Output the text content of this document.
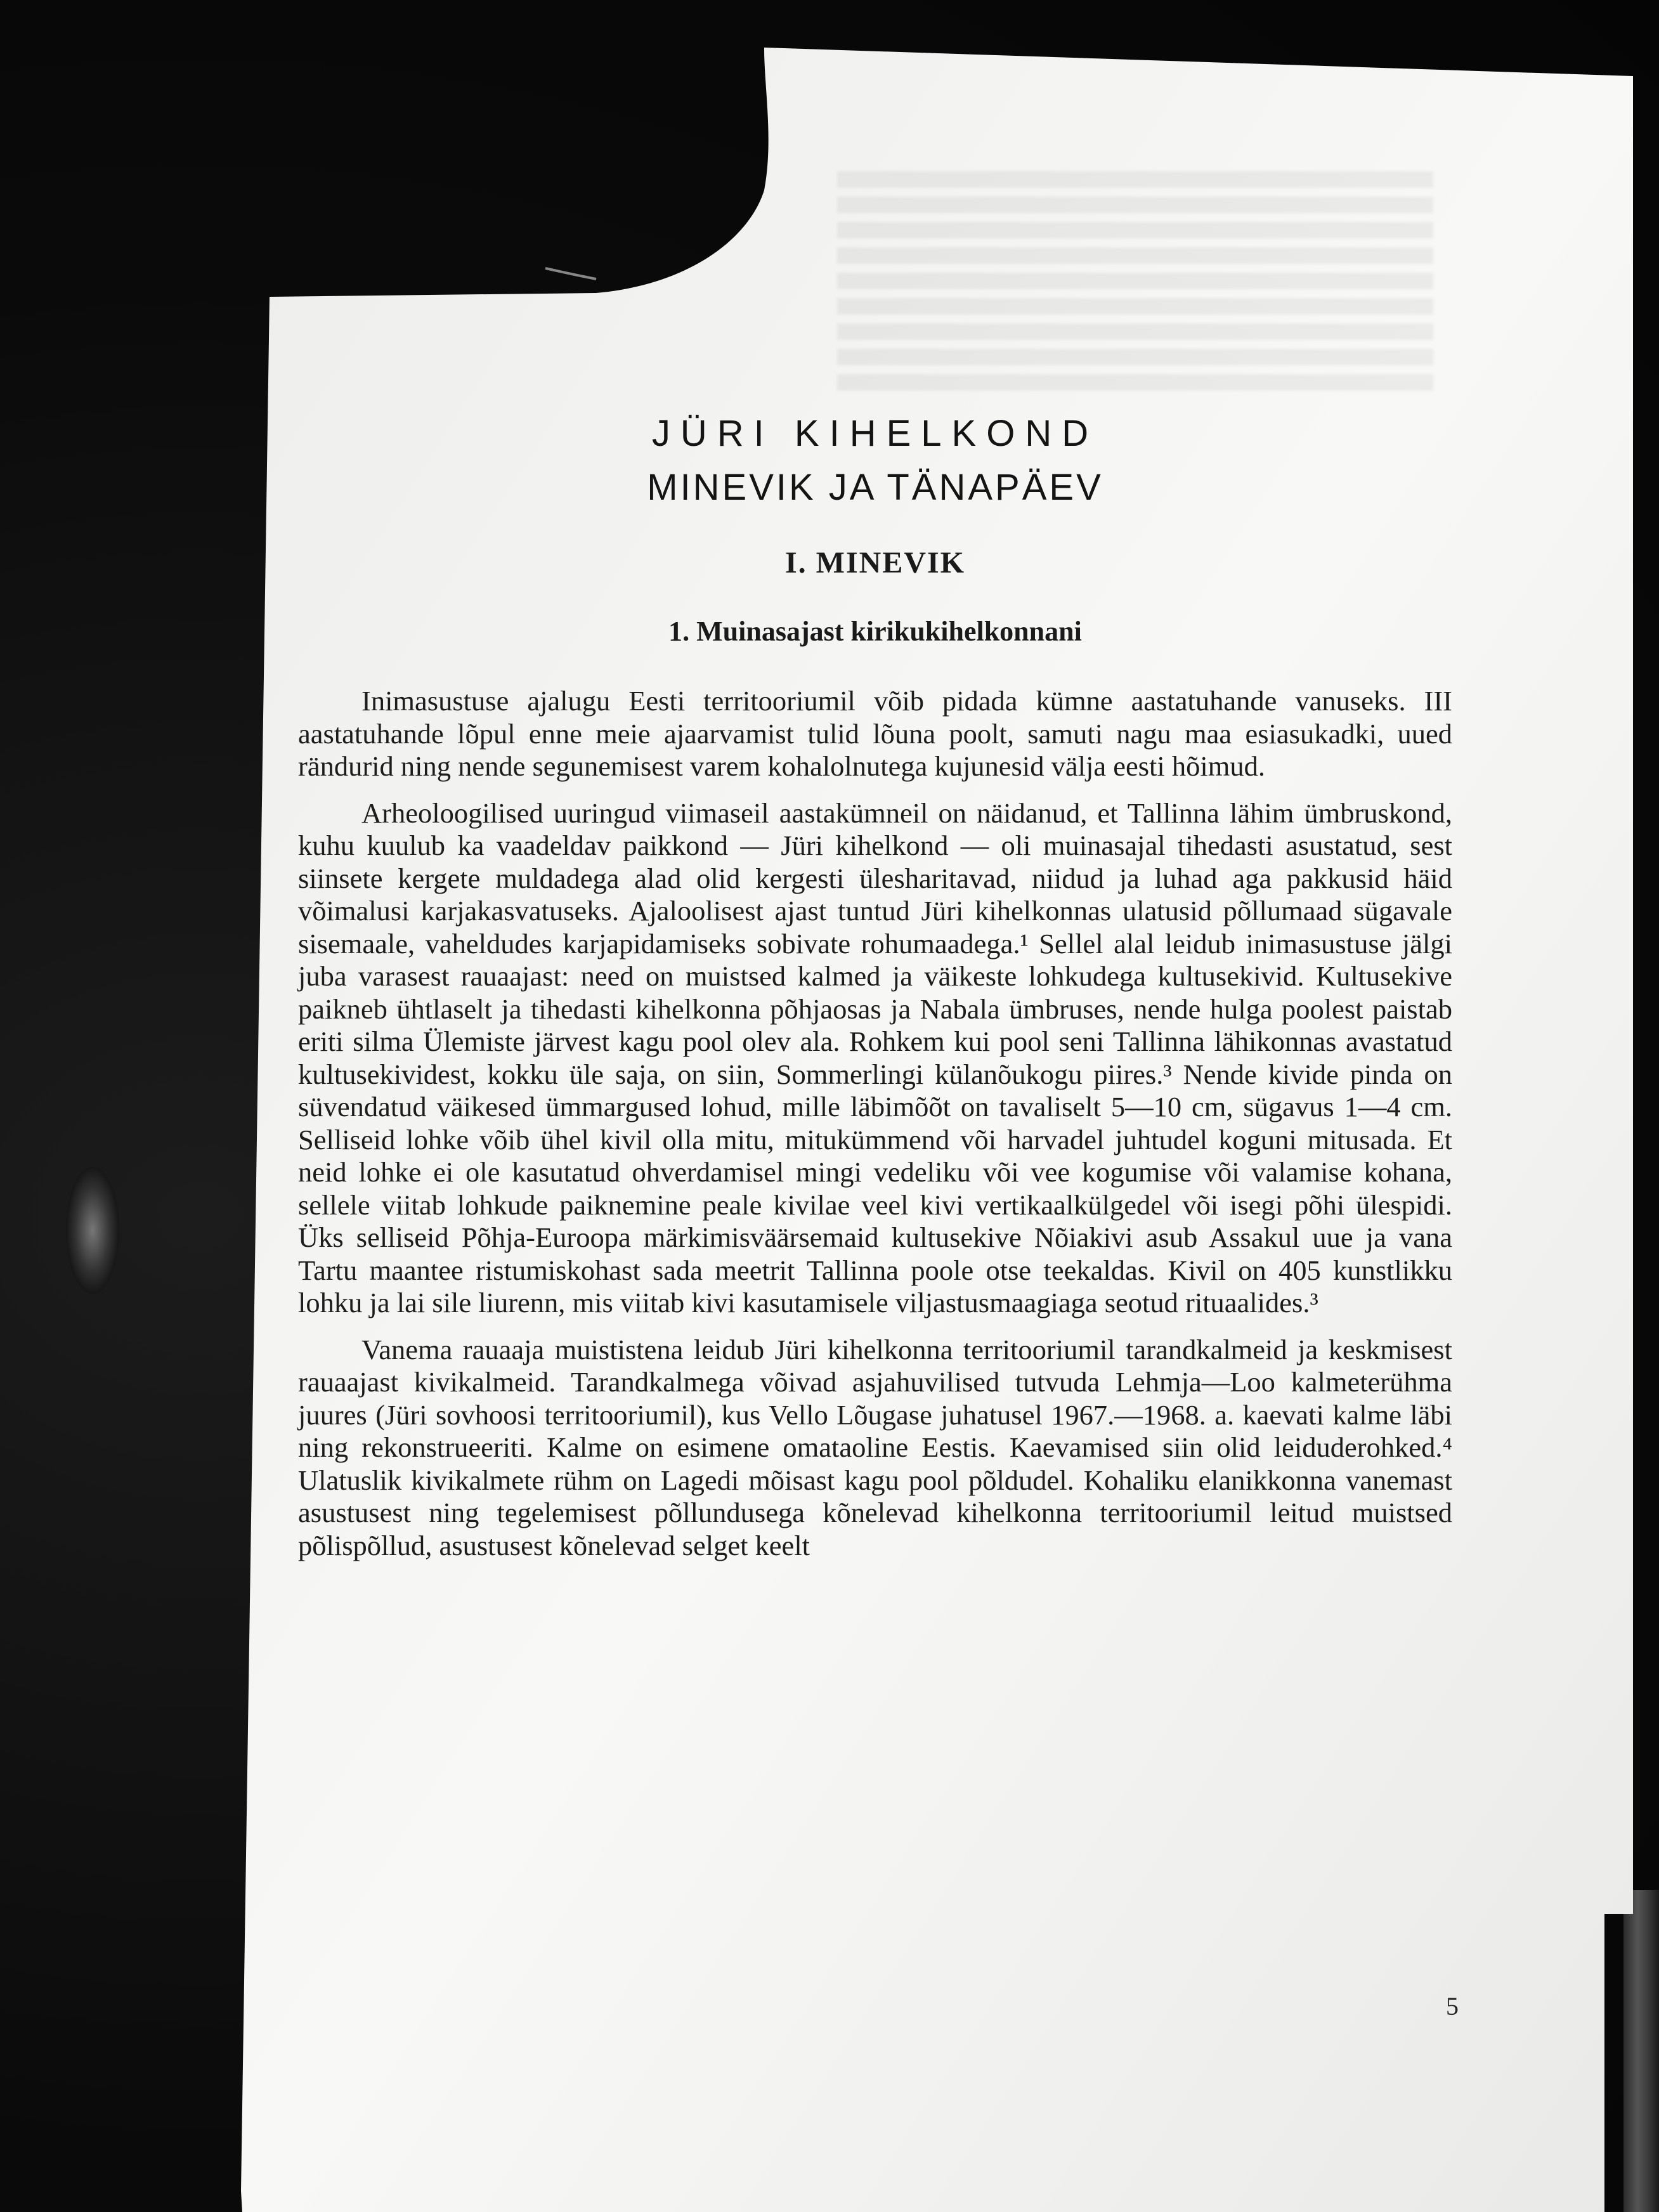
JÜRI KIHELKOND
MINEVIK JA TÄNAPÄEV
I. MINEVIK
1. Muinasajast kirikukihelkonnani

Inimasustuse ajalugu Eesti territooriumil võib pidada kümne aastatuhande vanuseks. III aastatuhande lõpul enne meie ajaarvamist tulid lõuna poolt, samuti nagu maa esiasukadki, uued rändurid ning nende segunemisest varem kohalolnutega kujunesid välja eesti hõimud.

Arheoloogilised uuringud viimaseil aastakümneil on näidanud, et Tallinna lähim ümbruskond, kuhu kuulub ka vaadeldav paikkond — Jüri kihelkond — oli muinasajal tihedasti asustatud, sest siinsete kergete muldadega alad olid kergesti ülesharitavad, niidud ja luhad aga pakkusid häid võimalusi karjakasvatuseks. Ajaloolisest ajast tuntud Jüri kihelkonnas ulatusid põllumaad sügavale sisemaale, vaheldudes karjapidamiseks sobivate rohumaadega.¹ Sellel alal leidub inimasustuse jälgi juba varasest rauaajast: need on muistsed kalmed ja väikeste lohkudega kultusekivid. Kultusekive paikneb ühtlaselt ja tihedasti kihelkonna põhjaosas ja Nabala ümbruses, nende hulga poolest paistab eriti silma Ülemiste järvest kagu pool olev ala. Rohkem kui pool seni Tallinna lähikonnas avastatud kultusekividest, kokku üle saja, on siin, Sommerlingi külanõukogu piires.³ Nende kivide pinda on süvendatud väikesed ümmargused lohud, mille läbimõõt on tavaliselt 5—10 cm, sügavus 1—4 cm. Selliseid lohke võib ühel kivil olla mitu, mitukümmend või harvadel juhtudel koguni mitusada. Et neid lohke ei ole kasutatud ohverdamisel mingi vedeliku või vee kogumise või valamise kohana, sellele viitab lohkude paiknemine peale kivilae veel kivi vertikaalkülgedel või isegi põhi ülespidi. Üks selliseid Põhja-Euroopa märkimisväärsemaid kultusekive Nõiakivi asub Assakul uue ja vana Tartu maantee ristumiskohast sada meetrit Tallinna poole otse teekaldas. Kivil on 405 kunstlikku lohku ja lai sile liurenn, mis viitab kivi kasutamisele viljastusmaagiaga seotud rituaalides.³

Vanema rauaaja muististena leidub Jüri kihelkonna territooriumil tarandkalmeid ja keskmisest rauaajast kivikalmeid. Tarandkalmega võivad asjahuvilised tutvuda Lehmja—Loo kalmeterühma juures (Jüri sovhoosi territooriumil), kus Vello Lõugase juhatusel 1967.—1968. a. kaevati kalme läbi ning rekonstrueeriti. Kalme on esimene omataoline Eestis. Kaevamised siin olid leiduderohked.⁴ Ulatuslik kivikalmete rühm on Lagedi mõisast kagu pool põldudel. Kohaliku elanikkonna vanemast asustusest ning tegelemisest põllundusega kõnelevad kihelkonna territooriumil leitud muistsed põlispõllud, asustusest kõnelevad selget keelt

5
